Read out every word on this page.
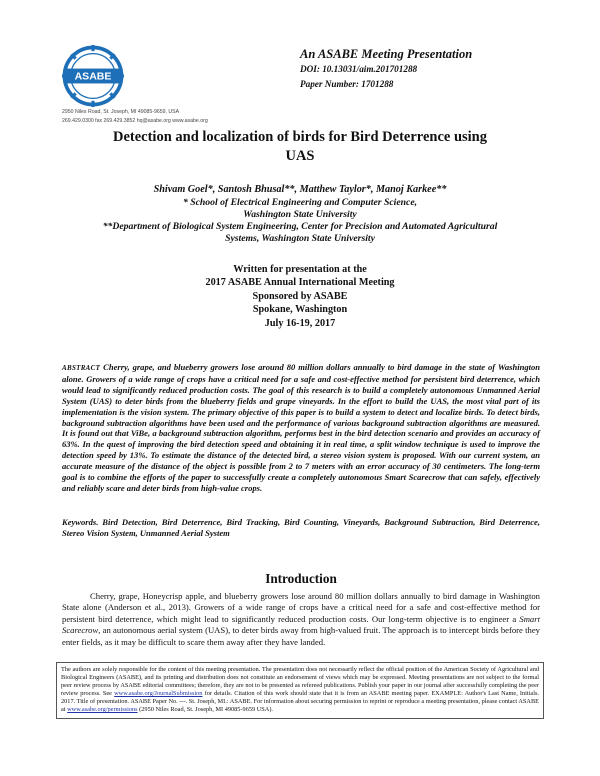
ASABE
2950 Niles Road, St. Joseph, MI 49085-9659, USA
269.429.0300 fax 269.429.3852 hq@asabe.org www.asabe.org
An ASABE Meeting Presentation
DOI: 10.13031/aim.201701288
Paper Number: 1701288
Detection and localization of birds for Bird Deterrence using
UAS
Shivam Goel*, Santosh Bhusal**, Matthew Taylor*, Manoj Karkee**
* School of Electrical Engineering and Computer Science,
Washington State University
**Department of Biological System Engineering, Center for Precision and Automated Agricultural
Systems, Washington State University
Written for presentation at the
2017 ASABE Annual International Meeting
Sponsored by ASABE
Spokane, Washington
July 16-19, 2017
ABSTRACT Cherry, grape, and blueberry growers lose around 80 million dollars annually to bird damage in the state of Washington alone. Growers of a wide range of crops have a critical need for a safe and cost-effective method for persistent bird deterrence, which would lead to significantly reduced production costs. The goal of this research is to build a completely autonomous Unmanned Aerial System (UAS) to deter birds from the blueberry fields and grape vineyards. In the effort to build the UAS, the most vital part of its implementation is the vision system. The primary objective of this paper is to build a system to detect and localize birds. To detect birds, background subtraction algorithms have been used and the performance of various background subtraction algorithms are measured. It is found out that ViBe, a background subtraction algorithm, performs best in the bird detection scenario and provides an accuracy of 63%. In the quest of improving the bird detection speed and obtaining it in real time, a split window technique is used to improve the detection speed by 13%. To estimate the distance of the detected bird, a stereo vision system is proposed. With our current system, an accurate measure of the distance of the object is possible from 2 to 7 meters with an error accuracy of 30 centimeters. The long-term goal is to combine the efforts of the paper to successfully create a completely autonomous Smart Scarecrow that can safely, effectively and reliably scare and deter birds from high-value crops.
Keywords. Bird Detection, Bird Deterrence, Bird Tracking, Bird Counting, Vineyards, Background Subtraction, Bird Deterrence, Stereo Vision System, Unmanned Aerial System
Introduction
Cherry, grape, Honeycrisp apple, and blueberry growers lose around 80 million dollars annually to bird damage in Washington State alone (Anderson et al., 2013). Growers of a wide range of crops have a critical need for a safe and cost-effective method for persistent bird deterrence, which might lead to significantly reduced production costs. Our long-term objective is to engineer a Smart Scarecrow, an autonomous aerial system (UAS), to deter birds away from high-valued fruit. The approach is to intercept birds before they enter fields, as it may be difficult to scare them away after they have landed.
The authors are solely responsible for the content of this meeting presentation. The presentation does not necessarily reflect the official position of the American Society of Agricultural and Biological Engineers (ASABE), and its printing and distribution does not constitute an endorsement of views which may be expressed. Meeting presentations are not subject to the formal peer review process by ASABE editorial committees; therefore, they are not to be presented as refereed publications. Publish your paper in our journal after successfully completing the peer review process. See www.asabe.org/JournalSubmission for details. Citation of this work should state that it is from an ASABE meeting paper. EXAMPLE: Author's Last Name, Initials. 2017. Title of presentation. ASABE Paper No. ---. St. Joseph, MI.: ASABE. For information about securing permission to reprint or reproduce a meeting presentation, please contact ASABE at www.asabe.org/permissions (2950 Niles Road, St. Joseph, MI 49085-9659 USA).
